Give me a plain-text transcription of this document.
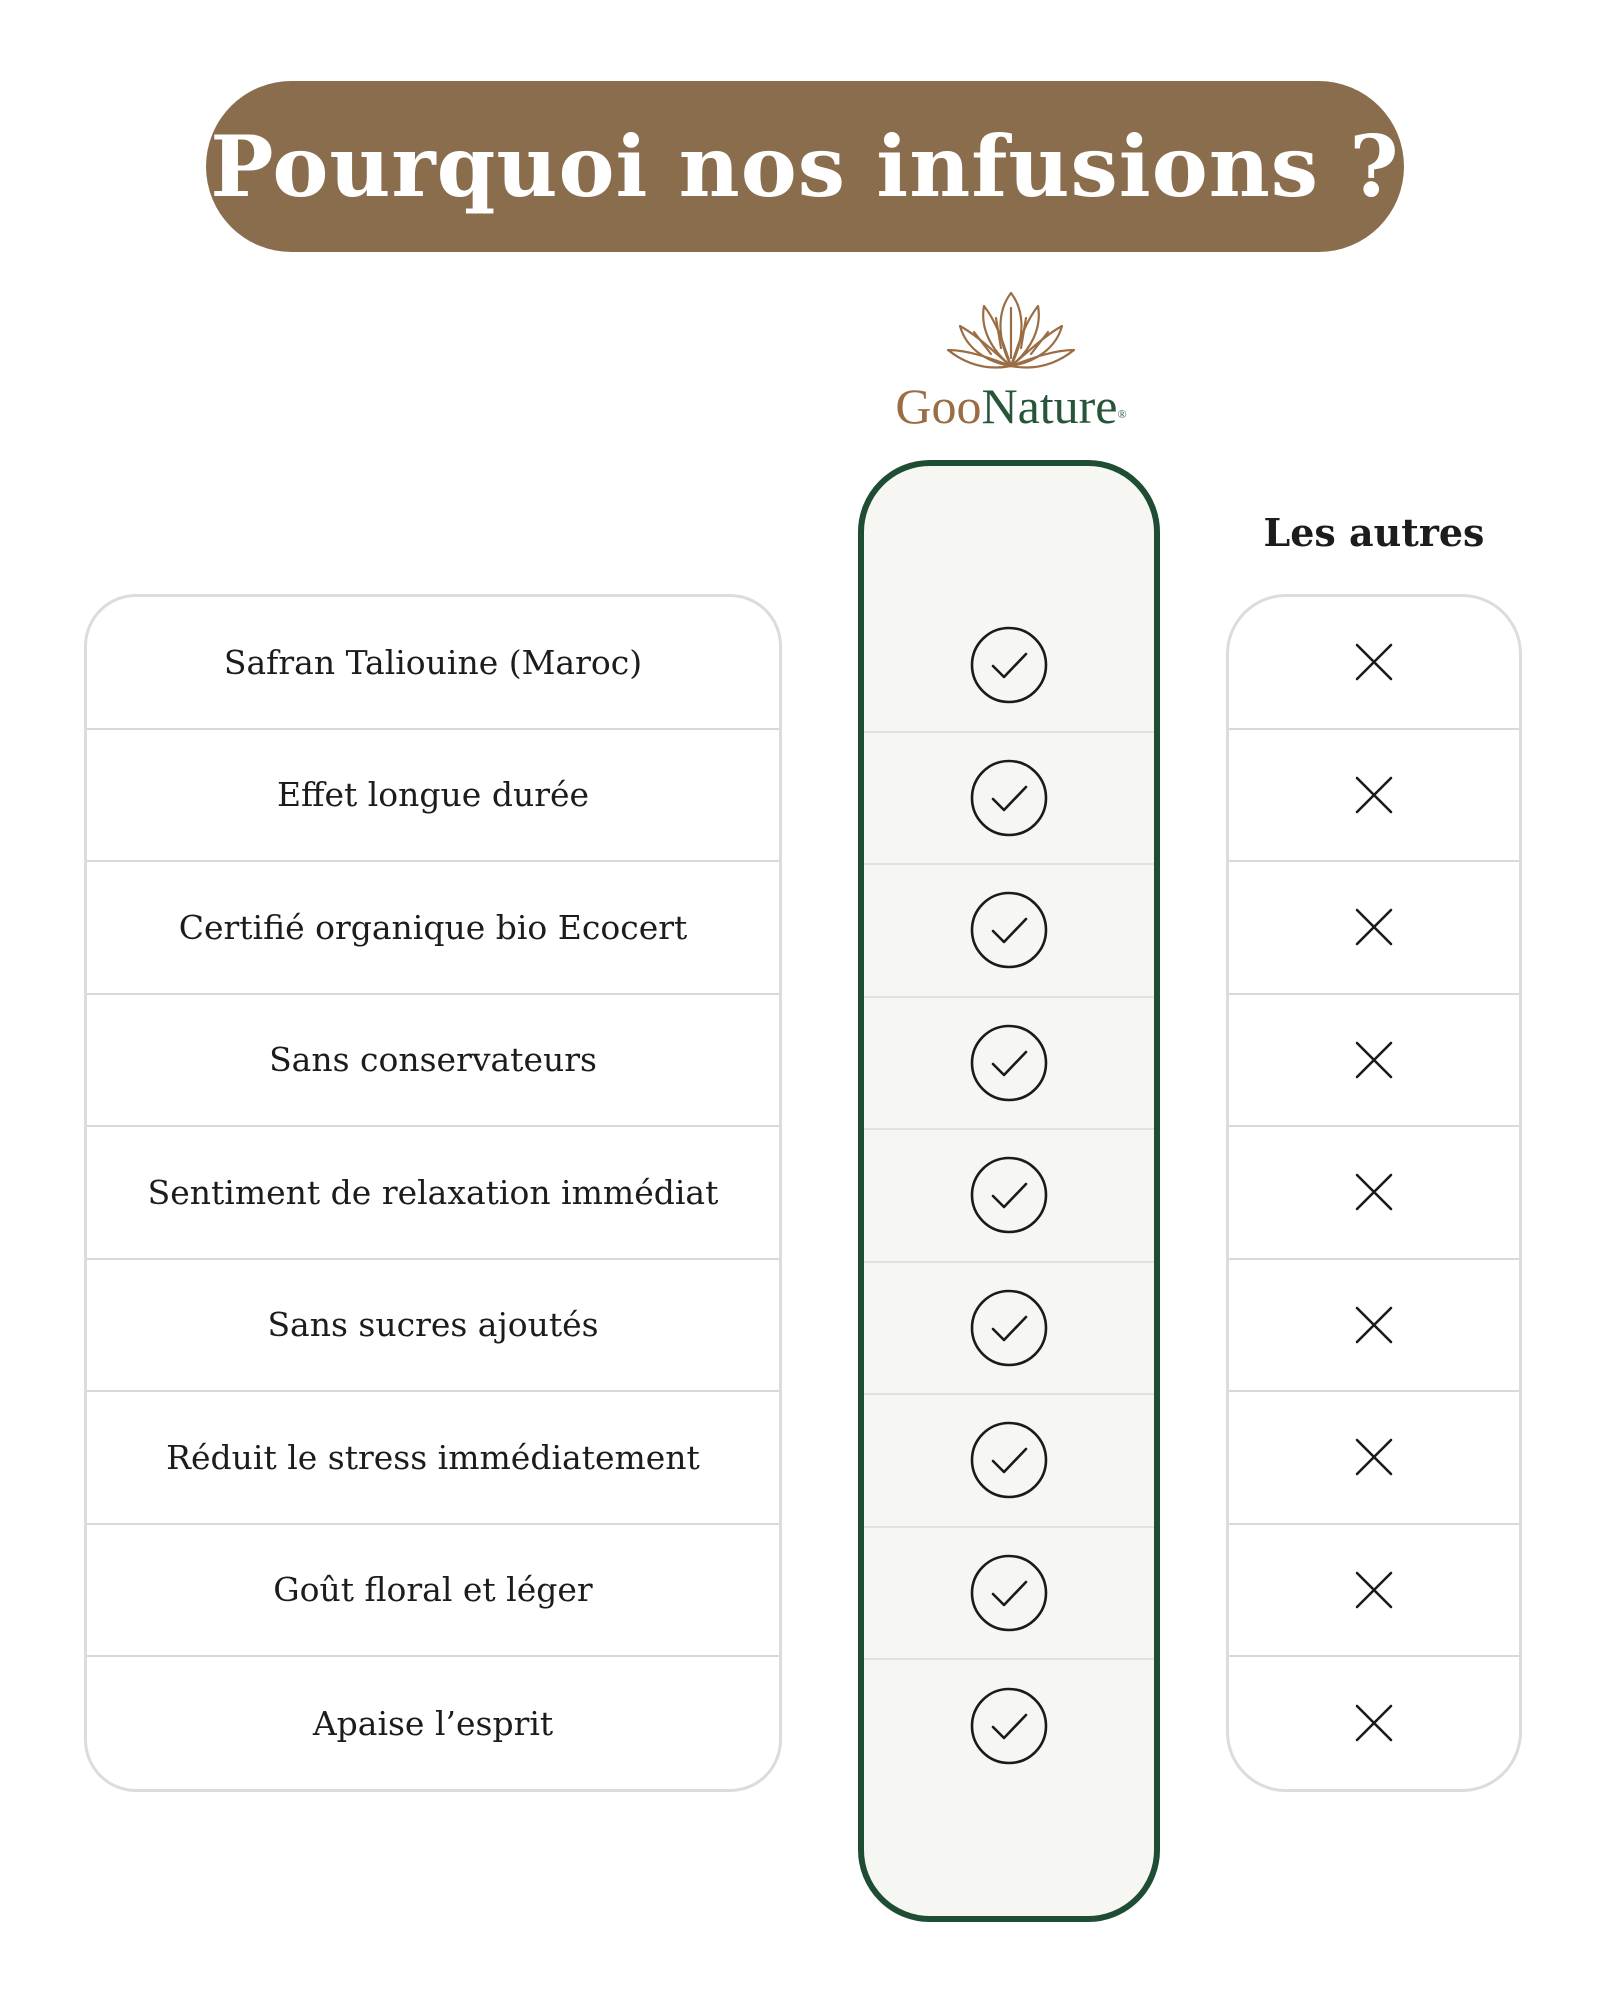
Pourquoi nos infusions ?
GooNature®
Safran Taliouine (Maroc)
Effet longue durée
Certifié organique bio Ecocert
Sans conservateurs
Sentiment de relaxation immédiat
Sans sucres ajoutés
Réduit le stress immédiatement
Goût floral et léger
Apaise l’esprit
Les autres
